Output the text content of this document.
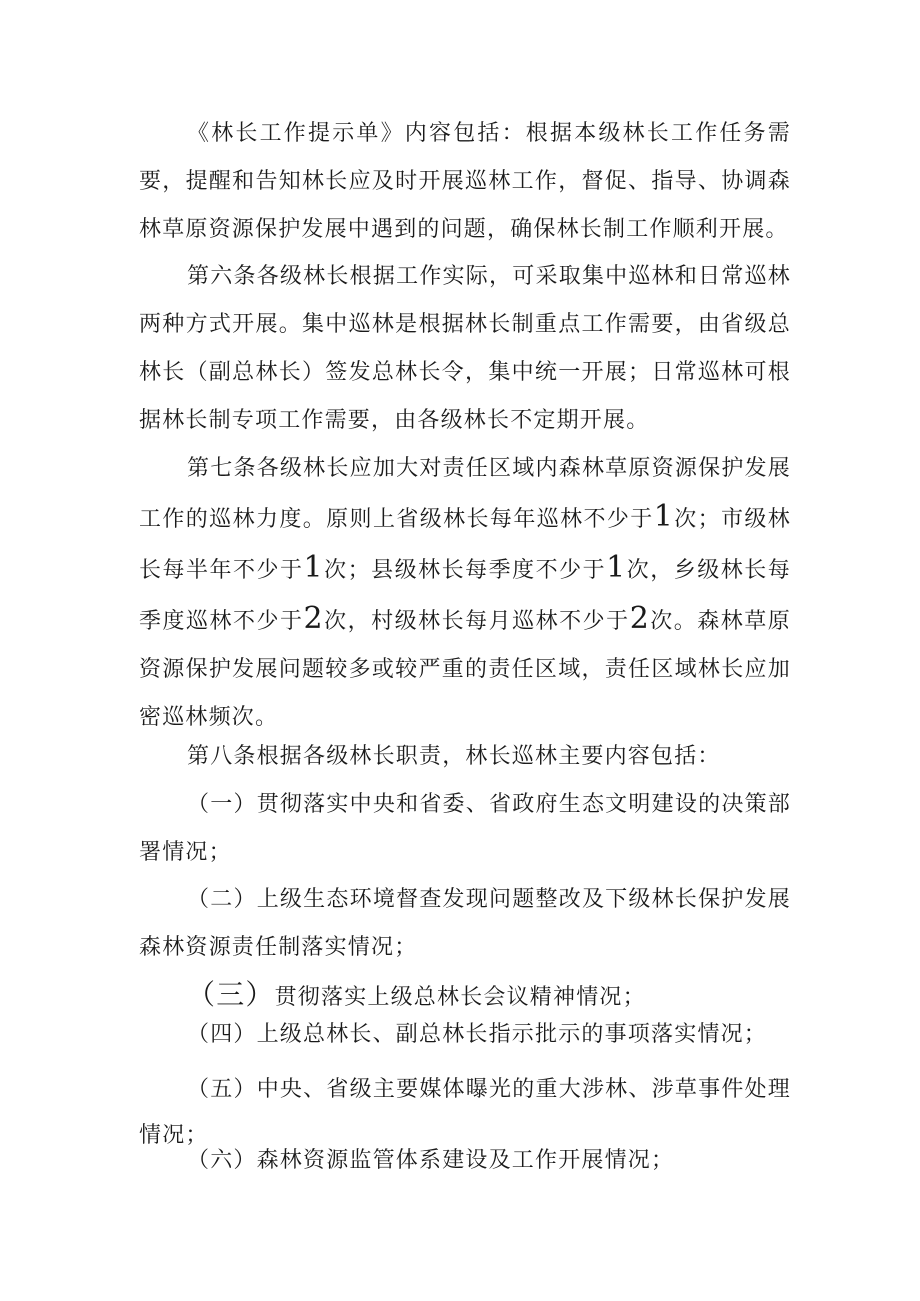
《林长工作提示单》内容包括：根据本级林长工作任务需要，提醒和告知林长应及时开展巡林工作，督促、指导、协调森林草原资源保护发展中遇到的问题，确保林长制工作顺利开展。

第六条各级林长根据工作实际，可采取集中巡林和日常巡林两种方式开展。集中巡林是根据林长制重点工作需要，由省级总林长（副总林长）签发总林长令，集中统一开展；日常巡林可根据林长制专项工作需要，由各级林长不定期开展。

第七条各级林长应加大对责任区域内森林草原资源保护发展工作的巡林力度。原则上省级林长每年巡林不少于1次；市级林长每半年不少于1次；县级林长每季度不少于1次，乡级林长每季度巡林不少于2次，村级林长每月巡林不少于2次。森林草原资源保护发展问题较多或较严重的责任区域，责任区域林长应加密巡林频次。

第八条根据各级林长职责，林长巡林主要内容包括：

（一）贯彻落实中央和省委、省政府生态文明建设的决策部署情况；

（二）上级生态环境督查发现问题整改及下级林长保护发展森林资源责任制落实情况；

（三）贯彻落实上级总林长会议精神情况；

（四）上级总林长、副总林长指示批示的事项落实情况；

（五）中央、省级主要媒体曝光的重大涉林、涉草事件处理情况；

（六）森林资源监管体系建设及工作开展情况；
